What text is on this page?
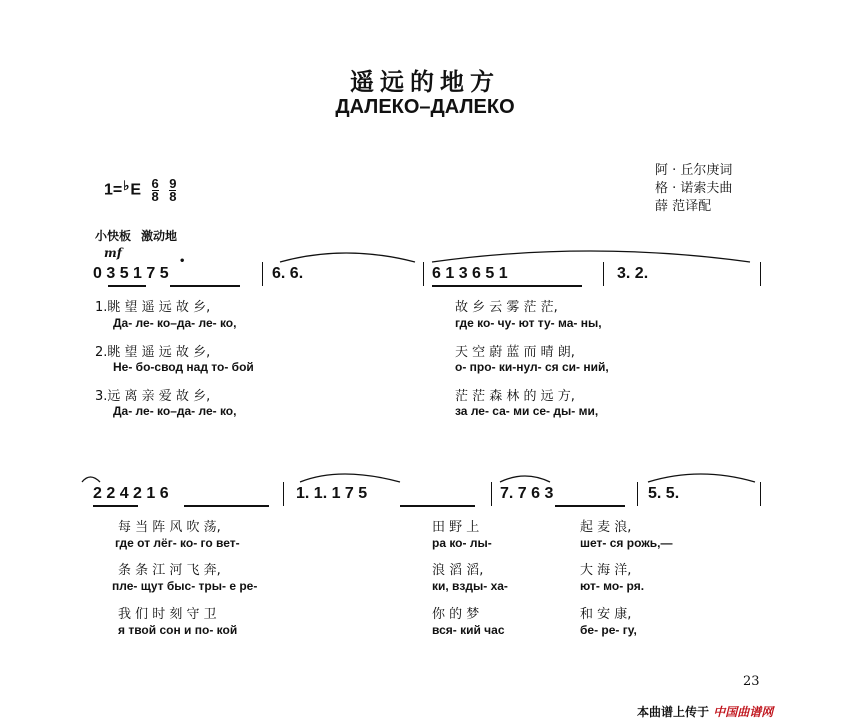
遥远的地方
ДАЛЕКО–ДАЛЕКО
$1=^♭E \frac{6}{8}$
$\frac{9}{8}$
阿 · 丘尔庚词
格 · 诺索夫曲
薛 范译配
小快板 激动地
mf
0 3 5 1 7 5	6. 6.	6 1 3 6 5 1	3. 2.
•
1.眺 望 遥 远 故 乡,	故 乡 云 雾 茫 茫,
Да- ле- ко–да- ле- ко,	где ко- чу- ют ту- ма- ны,
2.眺 望 遥 远 故 乡,	天 空 蔚 蓝 而 晴 朗,
Не- бо-свод над то- бой	о- про- ки-нул- ся си- ний,
3.远 离 亲 爱 故 乡,	茫 茫 森 林 的 远 方,
Да- ле- ко–да- ле- ко,	за ле- са- ми се- ды- ми,
2 2 4 2 1 6	1. 1. 1 7 5	7. 7 6 3	5. 5.
每 当 阵 风 吹 荡,	田 野 上	起 麦 浪,
где от лёг- ко- го вет-	ра ко- лы-	шет- ся рожь,—
条 条 江 河 飞 奔,	浪 滔 滔,	大 海 洋,
пле- щут быс- тры- е ре-	ки, взды- ха-	ют- мо- ря.
我 们 时 刻 守 卫	你 的 梦	和 安 康,
я твой сон и по- кой	вся- кий час	бе- ре- гу,
23
本曲谱上传于 中国曲谱网
